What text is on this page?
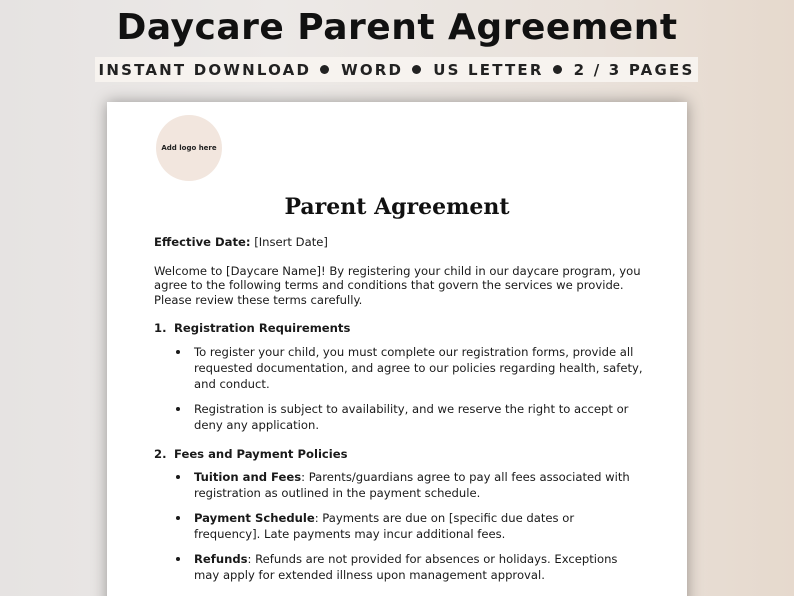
Daycare Parent Agreement
INSTANT DOWNLOAD WORD US LETTER 2 / 3 PAGES
Add logo here
Parent Agreement
Effective Date: [Insert Date]
Welcome to [Daycare Name]! By registering your child in our daycare program, you agree to the following terms and conditions that govern the services we provide. Please review these terms carefully.
1. Registration Requirements
To register your child, you must complete our registration forms, provide all requested documentation, and agree to our policies regarding health, safety, and conduct.
Registration is subject to availability, and we reserve the right to accept or deny any application.
2. Fees and Payment Policies
Tuition and Fees: Parents/guardians agree to pay all fees associated with registration as outlined in the payment schedule.
Payment Schedule: Payments are due on [specific due dates or frequency]. Late payments may incur additional fees.
Refunds: Refunds are not provided for absences or holidays. Exceptions may apply for extended illness upon management approval.
